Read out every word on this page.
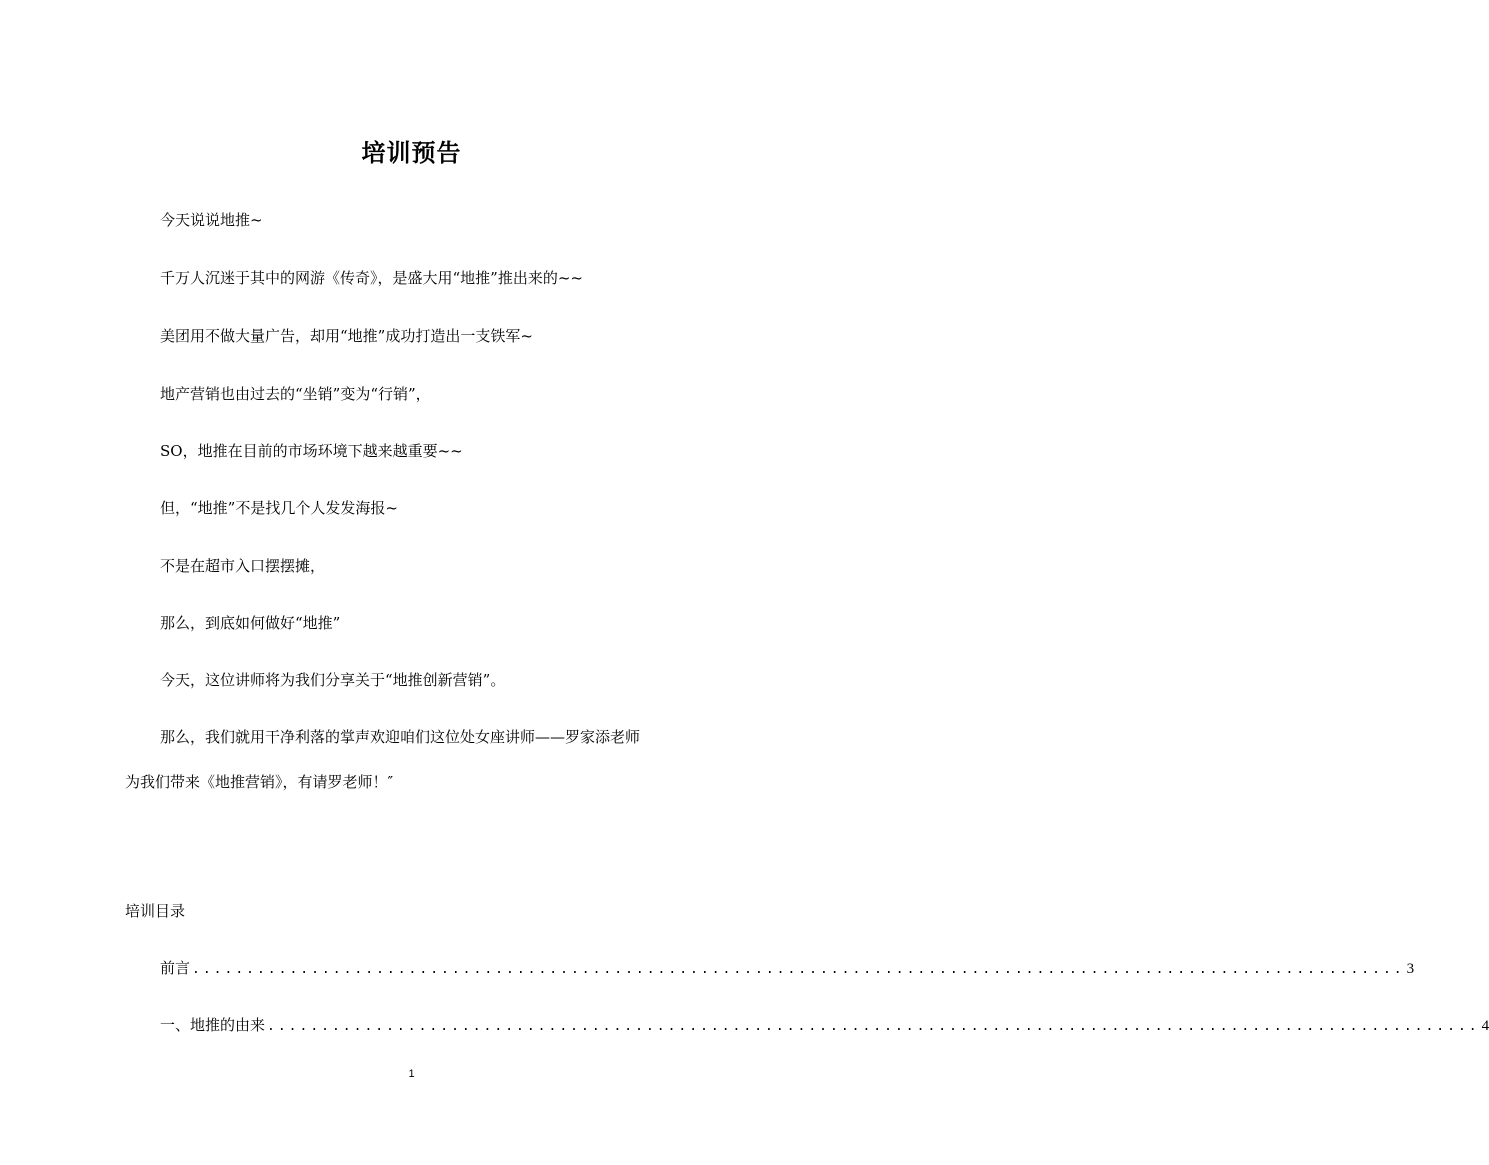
培训预告

今天说说地推~

千万人沉迷于其中的网游《传奇》，是盛大用“地推”推出来的~~

美团用不做大量广告，却用“地推”成功打造出一支铁军~

地产营销也由过去的“坐销”变为“行销”，

SO，地推在目前的市场环境下越来越重要~~

但，“地推”不是找几个人发发海报~

不是在超市入口摆摆摊，

那么，到底如何做好“地推”

今天，这位讲师将为我们分享关于“地推创新营销”。

那么，我们就用干净利落的掌声欢迎咱们这位处女座讲师——罗家添老师

为我们带来《地推营销》，有请罗老师！″

培训目录

前言 ................................................................................................................ 3
一、地推的由来 ................................................................................................................ 4
1
